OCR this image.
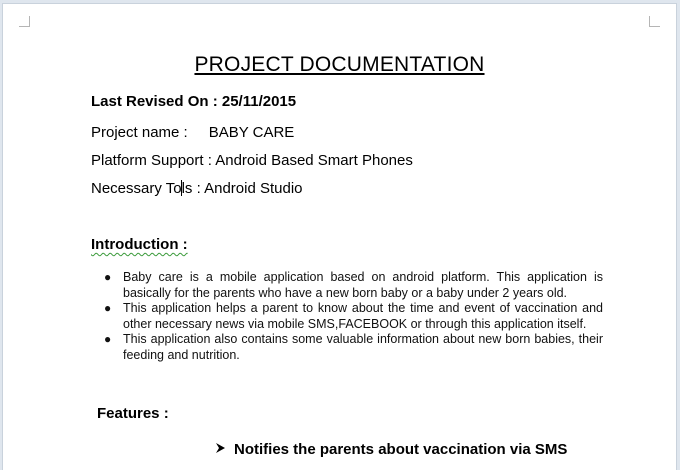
PROJECT DOCUMENTATION
Last Revised On : 25/11/2015
Project name : BABY CARE
Platform Support : Android Based Smart Phones
Necessary Tols : Android Studio
Introduction :
● Baby care is a mobile application based on android platform. This application is basically for the parents who have a new born baby or a baby under 2 years old.
● This application helps a parent to know about the time and event of vaccination and other necessary news via mobile SMS,FACEBOOK or through this application itself.
● This application also contains some valuable information about new born babies, their feeding and nutrition.
Features :
Notifies the parents about vaccination via SMS
